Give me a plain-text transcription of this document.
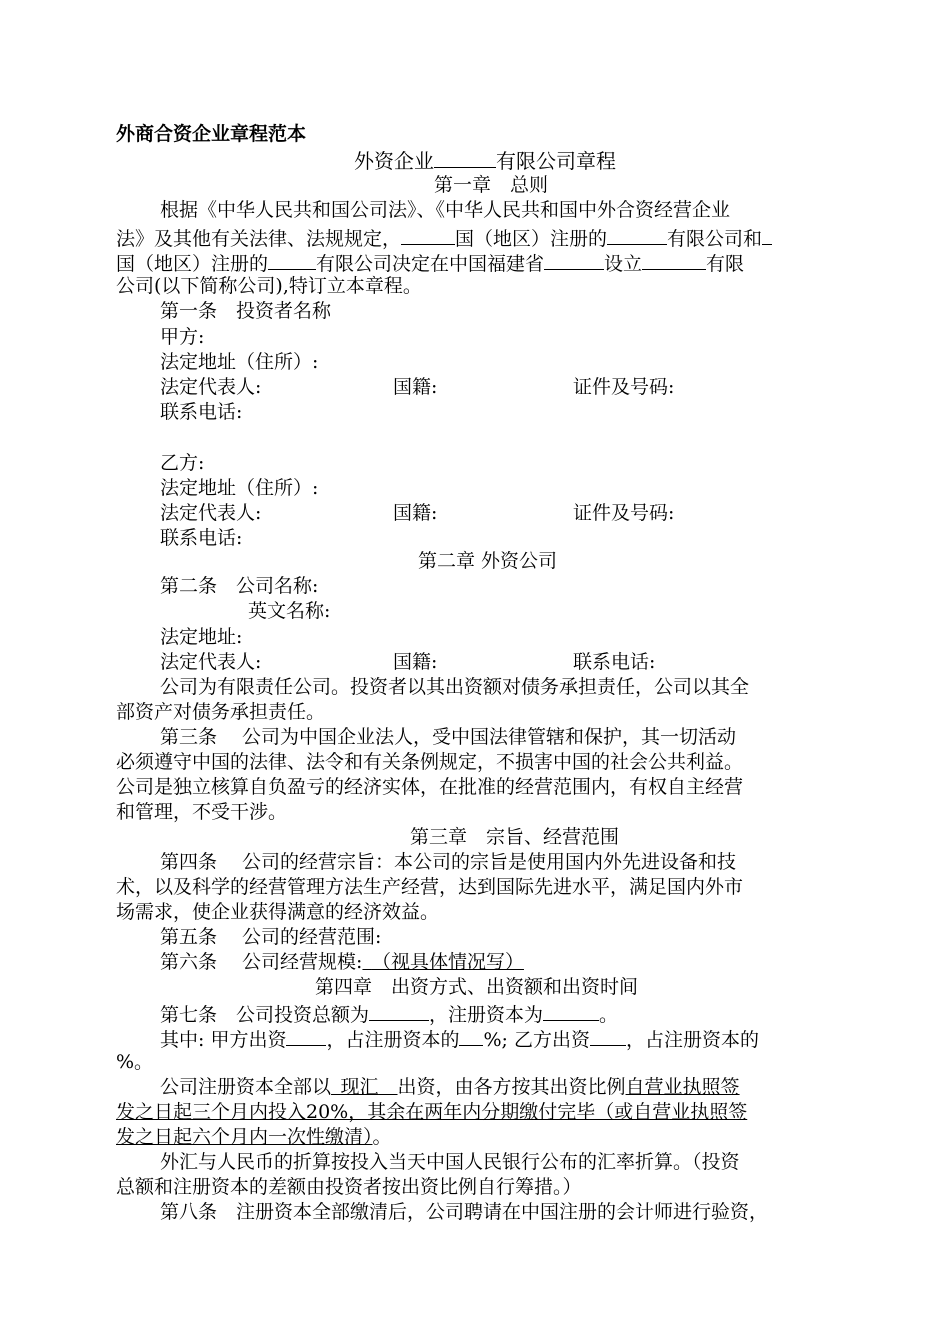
外商合资企业章程范本
外资企业	有限公司章程
第一章　总则
根据《中华人民共和国公司法》、《中华人民共和国中外合资经营企业
法》及其他有关法律、法规规定，	国（地区）注册的	有限公司和
国（地区）注册的	有限公司决定在中国福建省	设立	有限
公司(以下简称公司),特订立本章程。
第一条　投资者名称
甲方:
法定地址（住所）:
法定代表人:	国籍:	证件及号码:
联系电话:
乙方:
法定地址（住所）:
法定代表人:	国籍:	证件及号码:
联系电话:
第二章 外资公司
第二条　公司名称:
英文名称:
法定地址:
法定代表人:	国籍:	联系电话:
公司为有限责任公司。投资者以其出资额对债务承担责任，公司以其全
部资产对债务承担责任。
第三条　 公司为中国企业法人，受中国法律管辖和保护，其一切活动
必须遵守中国的法律、法令和有关条例规定，不损害中国的社会公共利益。
公司是独立核算自负盈亏的经济实体，在批准的经营范围内，有权自主经营
和管理，不受干涉。
第三章　宗旨、经营范围
第四条　 公司的经营宗旨：本公司的宗旨是使用国内外先进设备和技
术，以及科学的经营管理方法生产经营，达到国际先进水平，满足国内外市
场需求，使企业获得满意的经济效益。
第五条　 公司的经营范围:
第六条　 公司经营规模:  （视具体情况写）
第四章　出资方式、出资额和出资时间
第七条　公司投资总额为	，注册资本为	。
其中: 甲方出资 ，占注册资本的 %; 乙方出资 ，占注册资本的
%。
公司注册资本全部以  现汇   出资，由各方按其出资比例自营业执照签
发之日起三个月内投入20%，其余在两年内分期缴付完毕（或自营业执照签
发之日起六个月内一次性缴清）。
外汇与人民币的折算按投入当天中国人民银行公布的汇率折算。（投资
总额和注册资本的差额由投资者按出资比例自行筹措。）
第八条　注册资本全部缴清后，公司聘请在中国注册的会计师进行验资，
